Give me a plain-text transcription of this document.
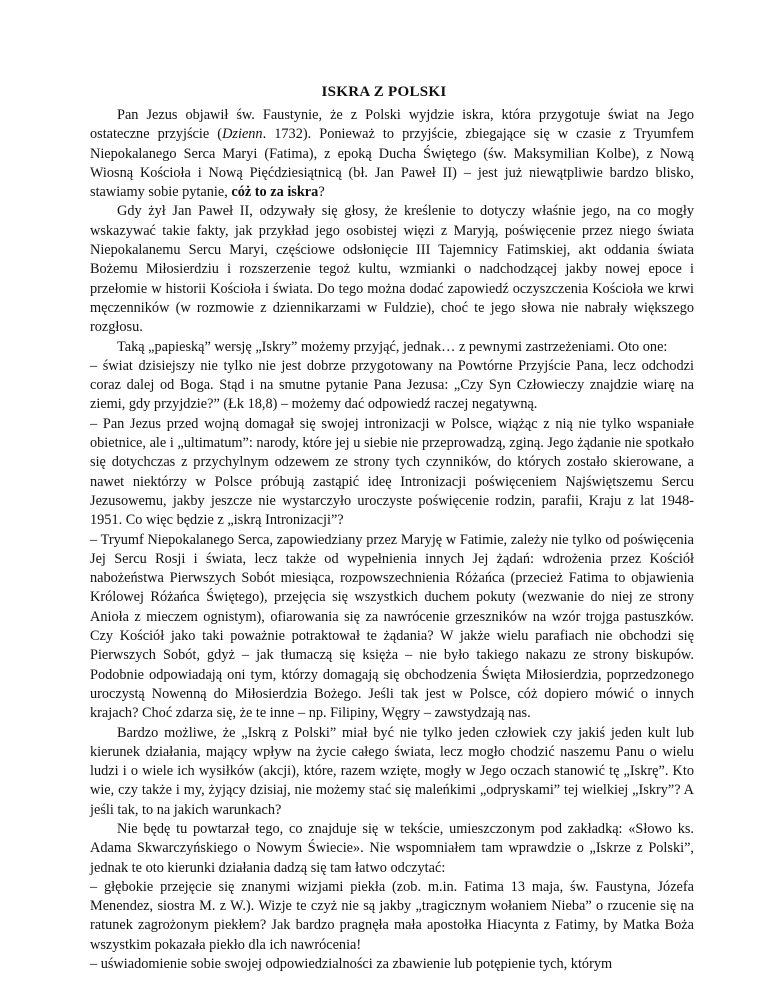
ISKRA Z POLSKI

Pan Jezus objawił św. Faustynie, że z Polski wyjdzie iskra, która przygotuje świat na Jego ostateczne przyjście (Dzienn. 1732). Ponieważ to przyjście, zbiegające się w czasie z Tryumfem Niepokalanego Serca Maryi (Fatima), z epoką Ducha Świętego (św. Maksymilian Kolbe), z Nową Wiosną Kościoła i Nową Pięćdziesiątnicą (bł. Jan Paweł II) – jest już niewątpliwie bardzo blisko, stawiamy sobie pytanie, cóż to za iskra?

Gdy żył Jan Paweł II, odzywały się głosy, że kreślenie to dotyczy właśnie jego, na co mogły wskazywać takie fakty, jak przykład jego osobistej więzi z Maryją, poświęcenie przez niego świata Niepokalanemu Sercu Maryi, częściowe odsłonięcie III Tajemnicy Fatimskiej, akt oddania świata Bożemu Miłosierdziu i rozszerzenie tegoż kultu, wzmianki o nadchodzącej jakby nowej epoce i przełomie w historii Kościoła i świata. Do tego można dodać zapowiedź oczyszczenia Kościoła we krwi męczenników (w rozmowie z dziennikarzami w Fuldzie), choć te jego słowa nie nabrały większego rozgłosu.

Taką „papieską” wersję „Iskry” możemy przyjąć, jednak… z pewnymi zastrzeżeniami. Oto one:

– świat dzisiejszy nie tylko nie jest dobrze przygotowany na Powtórne Przyjście Pana, lecz odchodzi coraz dalej od Boga. Stąd i na smutne pytanie Pana Jezusa: „Czy Syn Człowieczy znajdzie wiarę na ziemi, gdy przyjdzie?” (Łk 18,8) – możemy dać odpowiedź raczej negatywną.

– Pan Jezus przed wojną domagał się swojej intronizacji w Polsce, wiążąc z nią nie tylko wspaniałe obietnice, ale i „ultimatum”: narody, które jej u siebie nie przeprowadzą, zginą. Jego żądanie nie spotkało się dotychczas z przychylnym odzewem ze strony tych czynników, do których zostało skierowane, a nawet niektórzy w Polsce próbują zastąpić ideę Intronizacji poświęceniem Najświętszemu Sercu Jezusowemu, jakby jeszcze nie wystarczyło uroczyste poświęcenie rodzin, parafii, Kraju z lat 1948-1951. Co więc będzie z „iskrą Intronizacji”?

– Tryumf Niepokalanego Serca, zapowiedziany przez Maryję w Fatimie, zależy nie tylko od poświęcenia Jej Sercu Rosji i świata, lecz także od wypełnienia innych Jej żądań: wdrożenia przez Kościół nabożeństwa Pierwszych Sobót miesiąca, rozpowszechnienia Różańca (przecież Fatima to objawienia Królowej Różańca Świętego), przejęcia się wszystkich duchem pokuty (wezwanie do niej ze strony Anioła z mieczem ognistym), ofiarowania się za nawrócenie grzeszników na wzór trojga pastuszków. Czy Kościół jako taki poważnie potraktował te żądania? W jakże wielu parafiach nie obchodzi się Pierwszych Sobót, gdyż – jak tłumaczą się księża – nie było takiego nakazu ze strony biskupów. Podobnie odpowiadają oni tym, którzy domagają się obchodzenia Święta Miłosierdzia, poprzedzonego uroczystą Nowenną do Miłosierdzia Bożego. Jeśli tak jest w Polsce, cóż dopiero mówić o innych krajach? Choć zdarza się, że te inne – np. Filipiny, Węgry – zawstydzają nas.

Bardzo możliwe, że „Iskrą z Polski” miał być nie tylko jeden człowiek czy jakiś jeden kult lub kierunek działania, mający wpływ na życie całego świata, lecz mogło chodzić naszemu Panu o wielu ludzi i o wiele ich wysiłków (akcji), które, razem wzięte, mogły w Jego oczach stanowić tę „Iskrę”. Kto wie, czy także i my, żyjący dzisiaj, nie możemy stać się maleńkimi „odpryskami” tej wielkiej „Iskry”? A jeśli tak, to na jakich warunkach?

Nie będę tu powtarzał tego, co znajduje się w tekście, umieszczonym pod zakładką: «Słowo ks. Adama Skwarczyńskiego o Nowym Świecie». Nie wspomniałem tam wprawdzie o „Iskrze z Polski”, jednak te oto kierunki działania dadzą się tam łatwo odczytać:

– głębokie przejęcie się znanymi wizjami piekła (zob. m.in. Fatima 13 maja, św. Faustyna, Józefa Menendez, siostra M. z W.). Wizje te czyż nie są jakby „tragicznym wołaniem Nieba” o rzucenie się na ratunek zagrożonym piekłem? Jak bardzo pragnęła mała apostołka Hiacynta z Fatimy, by Matka Boża wszystkim pokazała piekło dla ich nawrócenia!

– uświadomienie sobie swojej odpowiedzialności za zbawienie lub potępienie tych, którym
